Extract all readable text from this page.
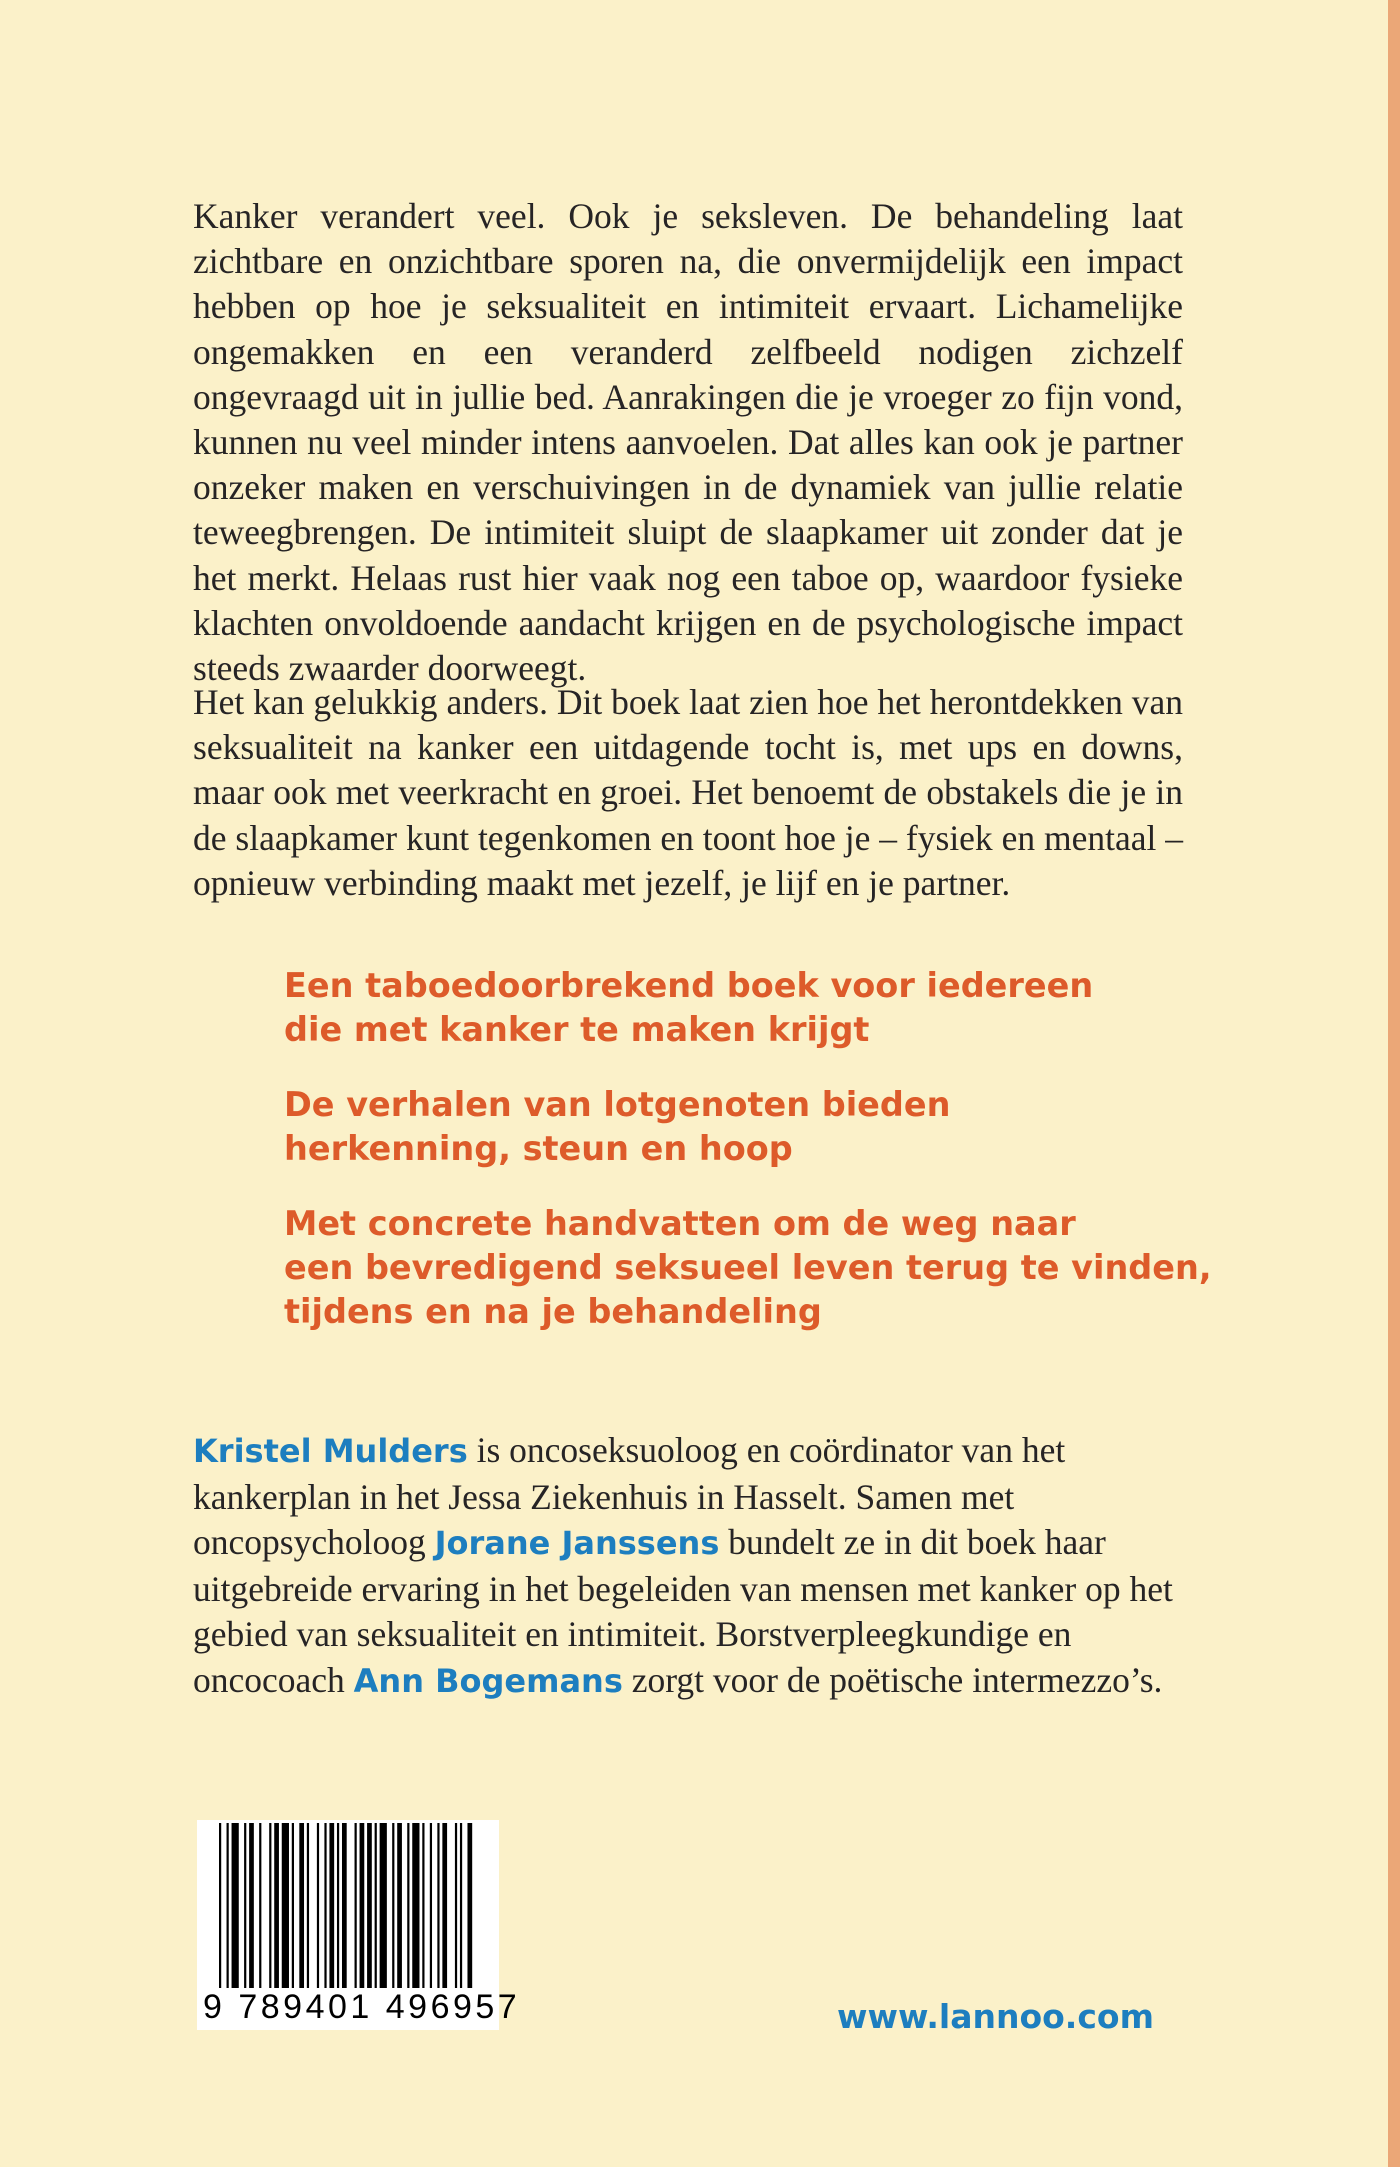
Kanker verandert veel. Ook je seksleven. De behandeling laat zichtbare en onzichtbare sporen na, die onvermijdelijk een impact hebben op hoe je seksualiteit en intimiteit ervaart. Lichamelijke ongemakken en een veranderd zelfbeeld nodigen zichzelf ongevraagd uit in jullie bed. Aanrakingen die je vroeger zo fijn vond, kunnen nu veel minder intens aanvoelen. Dat alles kan ook je partner onzeker maken en verschuivingen in de dynamiek van jullie relatie teweegbrengen. De intimiteit sluipt de slaapkamer uit zonder dat je het merkt. Helaas rust hier vaak nog een taboe op, waardoor fysieke klachten onvoldoende aandacht krijgen en de psychologische impact steeds zwaarder doorweegt.

Het kan gelukkig anders. Dit boek laat zien hoe het herontdekken van seksualiteit na kanker een uitdagende tocht is, met ups en downs, maar ook met veerkracht en groei. Het benoemt de obstakels die je in de slaapkamer kunt tegenkomen en toont hoe je – fysiek en mentaal – opnieuw verbinding maakt met jezelf, je lijf en je partner.

Een taboedoorbrekend boek voor iedereen
die met kanker te maken krijgt

De verhalen van lotgenoten bieden
herkenning, steun en hoop

Met concrete handvatten om de weg naar
een bevredigend seksueel leven terug te vinden,
tijdens en na je behandeling

Kristel Mulders is oncoseksuoloog en coördinator van het kankerplan in het Jessa Ziekenhuis in Hasselt. Samen met oncopsycholoog Jorane Janssens bundelt ze in dit boek haar uitgebreide ervaring in het begeleiden van mensen met kanker op het gebied van seksualiteit en intimiteit. Borstverpleegkundige en oncocoach Ann Bogemans zorgt voor de poëtische intermezzo’s.

9 789401 496957	www.lannoo.com
